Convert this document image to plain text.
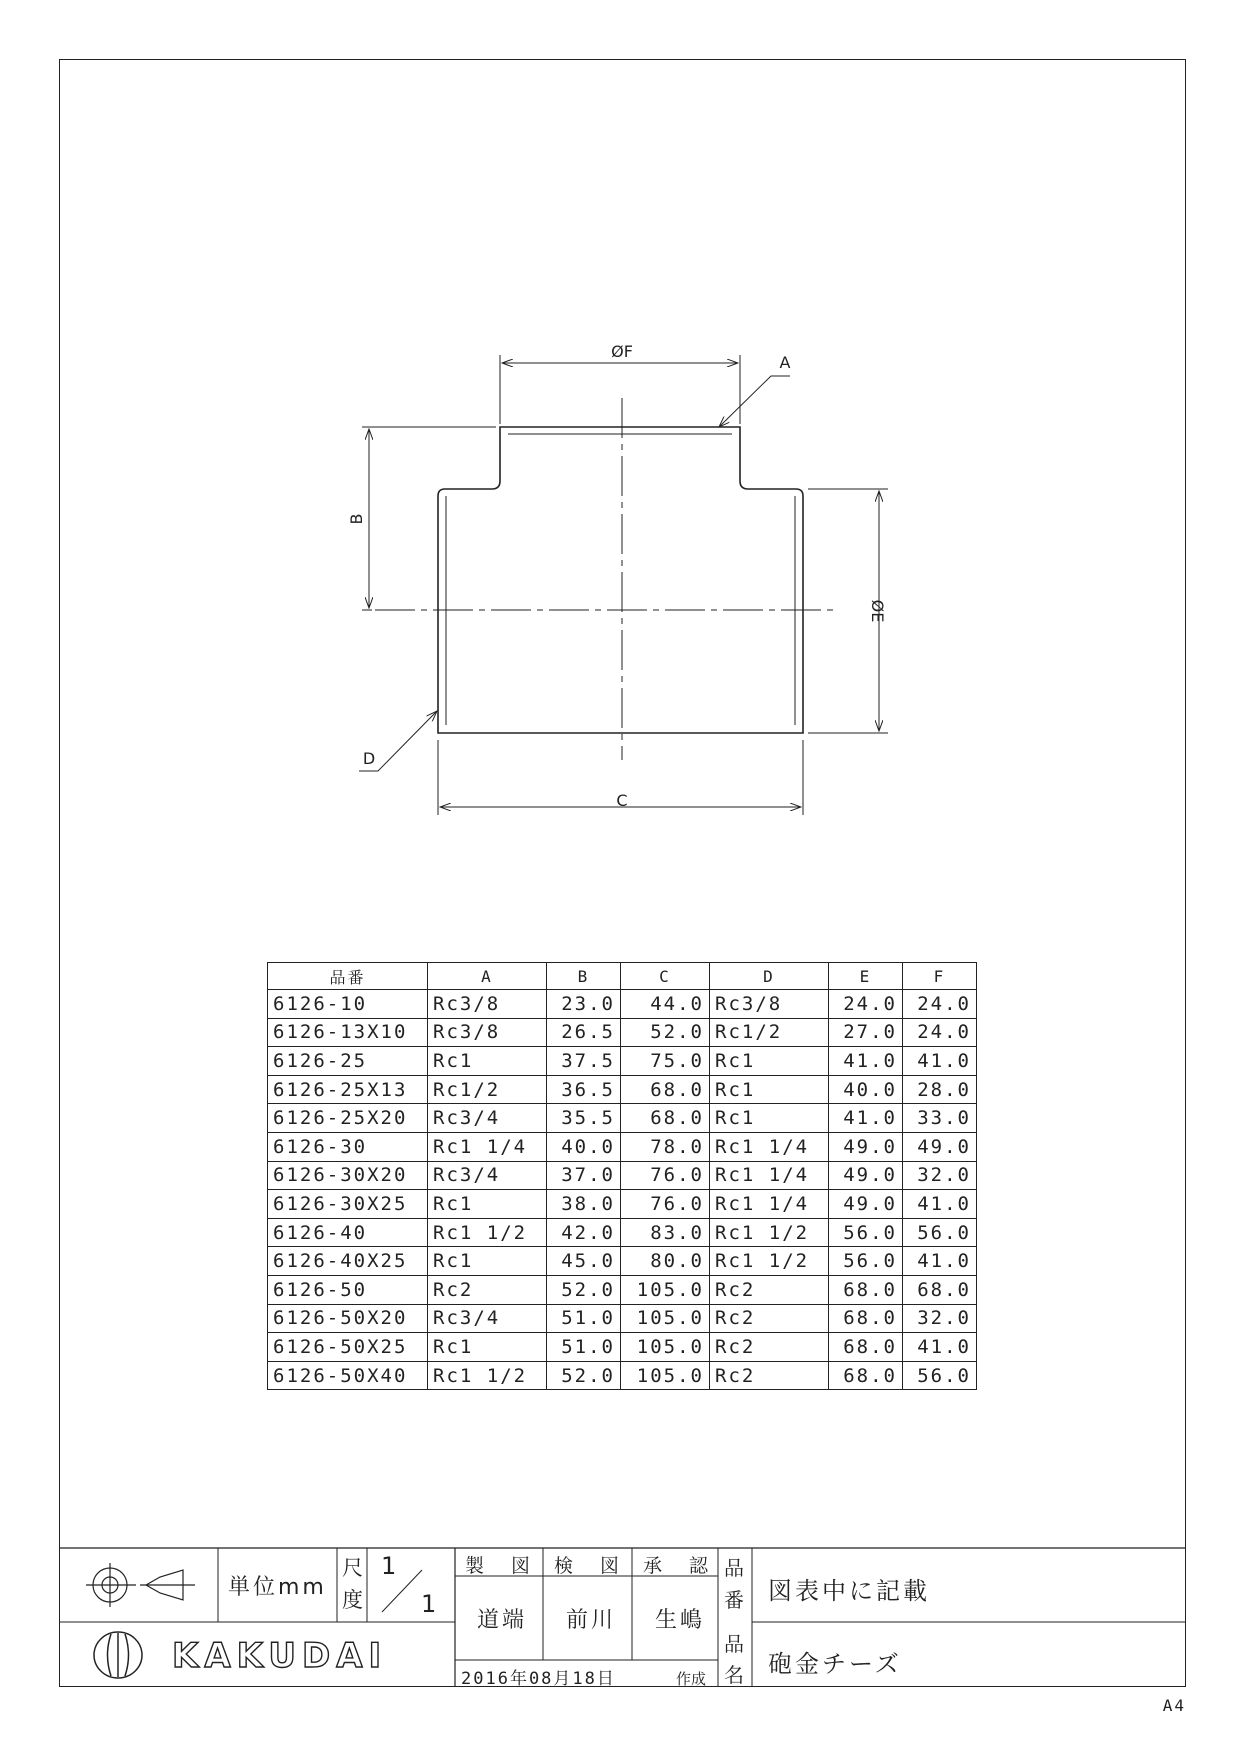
ØF
A
B
ØE
D
C
品番	A	B	C	D	E	F
6126-10	Rc3/8	23.0	44.0	Rc3/8	24.0	24.0
6126-13X10	Rc3/8	26.5	52.0	Rc1/2	27.0	24.0
6126-25	Rc1	37.5	75.0	Rc1	41.0	41.0
6126-25X13	Rc1/2	36.5	68.0	Rc1	40.0	28.0
6126-25X20	Rc3/4	35.5	68.0	Rc1	41.0	33.0
6126-30	Rc1 1/4	40.0	78.0	Rc1 1/4	49.0	49.0
6126-30X20	Rc3/4	37.0	76.0	Rc1 1/4	49.0	32.0
6126-30X25	Rc1	38.0	76.0	Rc1 1/4	49.0	41.0
6126-40	Rc1 1/2	42.0	83.0	Rc1 1/2	56.0	56.0
6126-40X25	Rc1	45.0	80.0	Rc1 1/2	56.0	41.0
6126-50	Rc2	52.0	105.0	Rc2	68.0	68.0
6126-50X20	Rc3/4	51.0	105.0	Rc2	68.0	32.0
6126-50X25	Rc1	51.0	105.0	Rc2	68.0	41.0
6126-50X40	Rc1 1/2	52.0	105.0	Rc2	68.0	56.0
単位mm
尺
度
1
1
製　図 検　図 承　認
道端 前川 生嶋
品
番 図表中に記載
品
名 砲金チーズ
2016年08月18日	作成
KAKUDAI
A4
